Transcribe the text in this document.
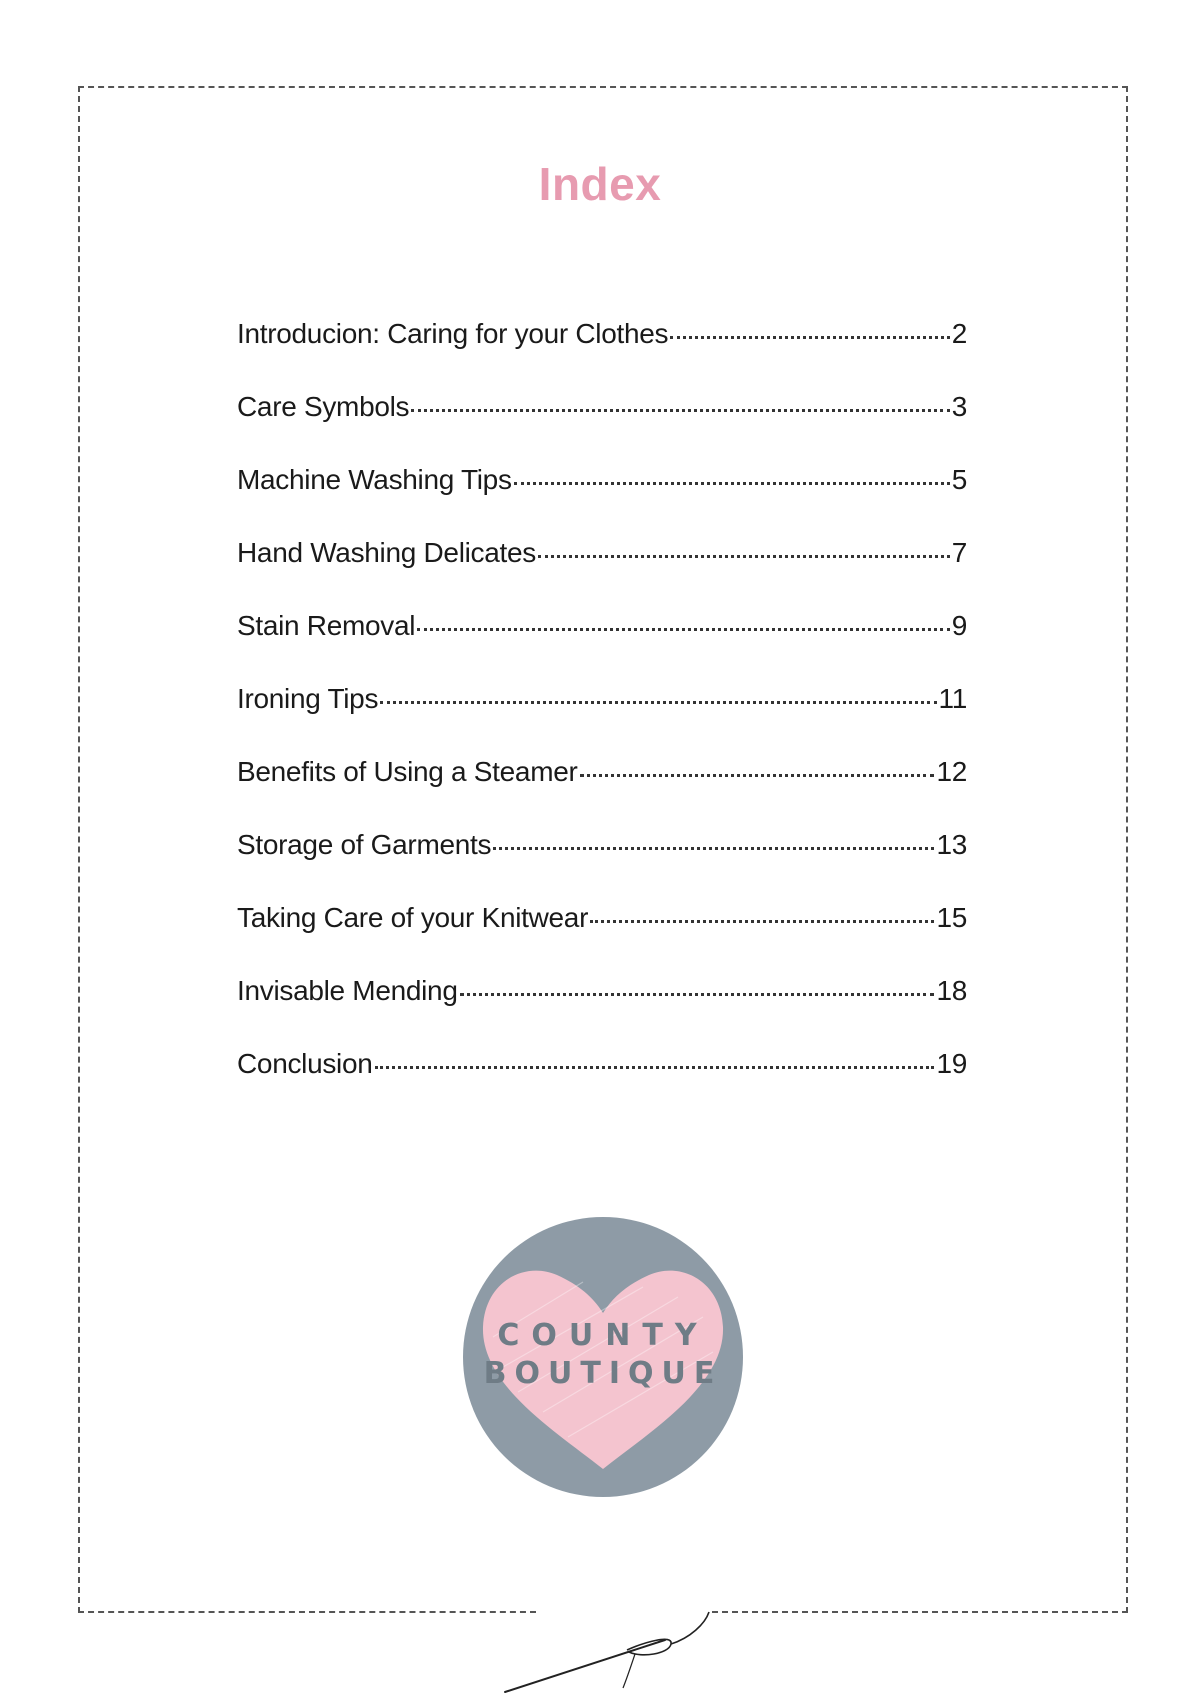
Index
Introducion: Caring for your Clothes	2
Care Symbols	3
Machine Washing Tips	5
Hand Washing Delicates	7
Stain Removal	9
Ironing Tips	11
Benefits of Using a Steamer	12
Storage of Garments	13
Taking Care of your Knitwear	15
Invisable Mending	18
Conclusion	19
COUNTY
BOUTIQUE
